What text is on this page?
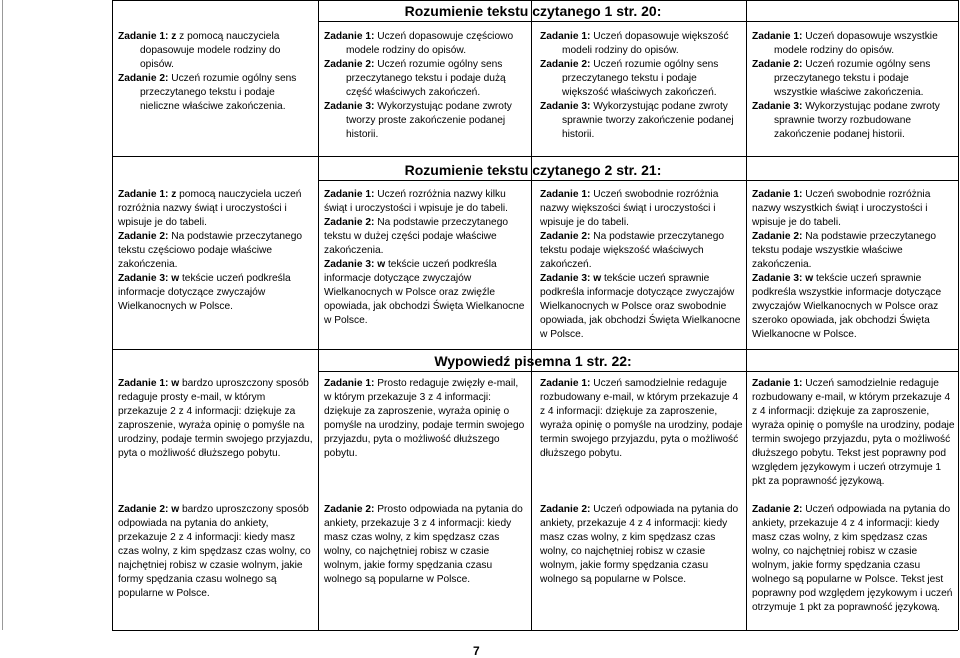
Rozumienie tekstu czytanego 1 str. 20:
Rozumienie tekstu czytanego 2 str. 21:
Wypowiedź pisemna 1 str. 22:
Zadanie 1: z z pomocą nauczyciela
dopasowuje modele rodziny do opisów.
Zadanie 2: Uczeń rozumie ogólny sens
przeczytanego tekstu i podaje nieliczne właściwe zakończenia.
Zadanie 1: Uczeń dopasowuje częściowo
modele rodziny do opisów.
Zadanie 2: Uczeń rozumie ogólny sens
przeczytanego tekstu i podaje dużą część właściwych zakończeń.
Zadanie 3: Wykorzystując podane zwroty
tworzy proste zakończenie podanej historii.
Zadanie 1: Uczeń dopasowuje większość
modeli rodziny do opisów.
Zadanie 2: Uczeń rozumie ogólny sens
przeczytanego tekstu i podaje większość właściwych zakończeń.
Zadanie 3: Wykorzystując podane zwroty
sprawnie tworzy zakończenie podanej historii.
Zadanie 1: Uczeń dopasowuje wszystkie
modele rodziny do opisów.
Zadanie 2: Uczeń rozumie ogólny sens
przeczytanego tekstu i podaje wszystkie właściwe zakończenia.
Zadanie 3: Wykorzystując podane zwroty
sprawnie tworzy rozbudowane zakończenie podanej historii.
Zadanie 1: z pomocą nauczyciela uczeń rozróżnia nazwy świąt i uroczystości i wpisuje je do tabeli.
Zadanie 2: Na podstawie przeczytanego tekstu częściowo podaje właściwe zakończenia.
Zadanie 3: w tekście uczeń podkreśla informacje dotyczące zwyczajów Wielkanocnych w Polsce.
Zadanie 1: Uczeń rozróżnia nazwy kilku świąt i uroczystości i wpisuje je do tabeli.
Zadanie 2: Na podstawie przeczytanego tekstu w dużej części podaje właściwe zakończenia.
Zadanie 3: w tekście uczeń podkreśla informacje dotyczące zwyczajów Wielkanocnych w Polsce oraz zwięźle opowiada, jak obchodzi Święta Wielkanocne w Polsce.
Zadanie 1: Uczeń swobodnie rozróżnia nazwy większości świąt i uroczystości i wpisuje je do tabeli.
Zadanie 2: Na podstawie przeczytanego tekstu podaje większość właściwych zakończeń.
Zadanie 3: w tekście uczeń sprawnie podkreśla informacje dotyczące zwyczajów Wielkanocnych w Polsce oraz swobodnie opowiada, jak obchodzi Święta Wielkanocne w Polsce.
Zadanie 1: Uczeń swobodnie rozróżnia nazwy wszystkich świąt i uroczystości i wpisuje je do tabeli.
Zadanie 2: Na podstawie przeczytanego tekstu podaje wszystkie właściwe zakończenia.
Zadanie 3: w tekście uczeń sprawnie podkreśla wszystkie informacje dotyczące zwyczajów Wielkanocnych w Polsce oraz szeroko opowiada, jak obchodzi Święta Wielkanocne w Polsce.
Zadanie 1: w bardzo uproszczony sposób redaguje prosty e-mail, w którym przekazuje 2 z 4 informacji: dziękuje za zaproszenie, wyraża opinię o pomyśle na urodziny, podaje termin swojego przyjazdu, pyta o możliwość dłuższego pobytu.
Zadanie 2: w bardzo uproszczony sposób odpowiada na pytania do ankiety, przekazuje 2 z 4 informacji: kiedy masz czas wolny, z kim spędzasz czas wolny, co najchętniej robisz w czasie wolnym, jakie formy spędzania czasu wolnego są popularne w Polsce.
Zadanie 1: Prosto redaguje zwięzły e-mail, w którym przekazuje 3 z 4 informacji: dziękuje za zaproszenie, wyraża opinię o pomyśle na urodziny, podaje termin swojego przyjazdu, pyta o możliwość dłuższego pobytu.
Zadanie 2: Prosto odpowiada na pytania do ankiety, przekazuje 3 z 4 informacji: kiedy masz czas wolny, z kim spędzasz czas wolny, co najchętniej robisz w czasie wolnym, jakie formy spędzania czasu wolnego są popularne w Polsce.
Zadanie 1: Uczeń samodzielnie redaguje rozbudowany e-mail, w którym przekazuje 4 z 4 informacji: dziękuje za zaproszenie, wyraża opinię o pomyśle na urodziny, podaje termin swojego przyjazdu, pyta o możliwość dłuższego pobytu.
Zadanie 2: Uczeń odpowiada na pytania do ankiety, przekazuje 4 z 4 informacji: kiedy masz czas wolny, z kim spędzasz czas wolny, co najchętniej robisz w czasie wolnym, jakie formy spędzania czasu wolnego są popularne w Polsce.
Zadanie 1: Uczeń samodzielnie redaguje rozbudowany e-mail, w którym przekazuje 4 z 4 informacji: dziękuje za zaproszenie, wyraża opinię o pomyśle na urodziny, podaje termin swojego przyjazdu, pyta o możliwość dłuższego pobytu. Tekst jest poprawny pod względem językowym i uczeń otrzymuje 1 pkt za poprawność językową.
Zadanie 2: Uczeń odpowiada na pytania do ankiety, przekazuje 4 z 4 informacji: kiedy masz czas wolny, z kim spędzasz czas wolny, co najchętniej robisz w czasie wolnym, jakie formy spędzania czasu wolnego są popularne w Polsce. Tekst jest poprawny pod względem językowym i uczeń otrzymuje 1 pkt za poprawność językową.
7
